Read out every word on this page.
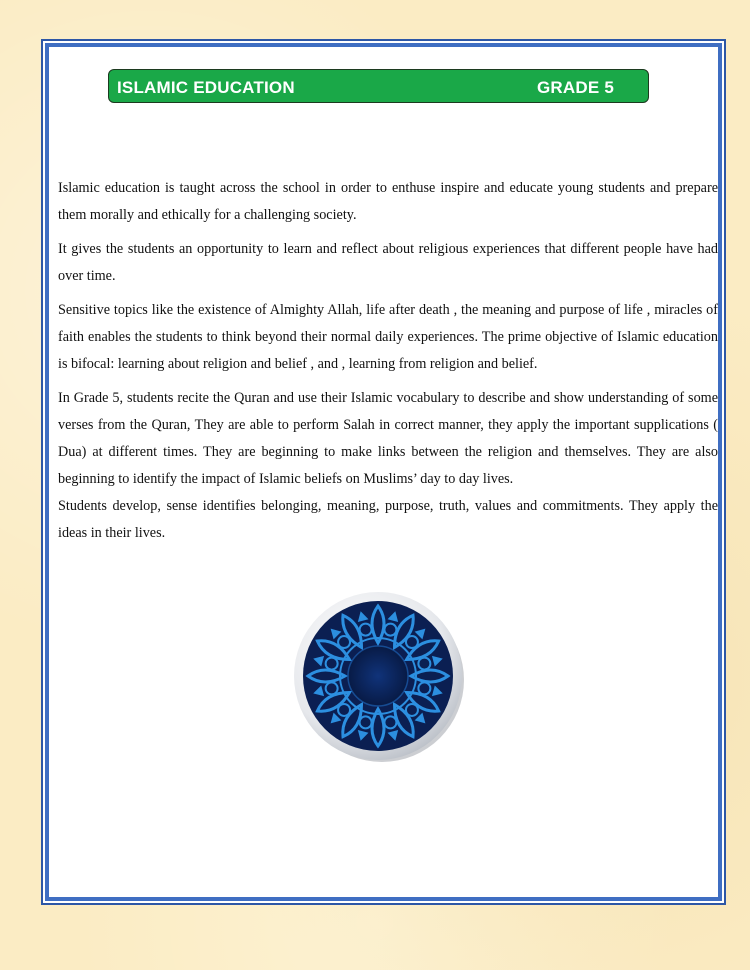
ISLAMIC EDUCATION	GRADE 5

Islamic education is taught across the school in order to enthuse inspire and educate young students and prepare them morally and ethically for a challenging society.

It gives the students an opportunity to learn and reflect about religious experiences that different people have had over time.

Sensitive topics like the existence of Almighty Allah, life after death , the meaning and purpose of life , miracles of faith enables the students to think beyond their normal daily experiences. The prime objective of Islamic education is bifocal: learning about religion and belief , and , learning from religion and belief.

In Grade 5, students recite the Quran and use their Islamic vocabulary to describe and show understanding of some verses from the Quran, They are able to perform Salah in correct manner, they apply the important supplications ( Dua) at different times. They are beginning to make links between the religion and themselves. They are also beginning to identify the impact of Islamic beliefs on Muslims’ day to day lives.

Students develop, sense identifies belonging, meaning, purpose, truth, values and commitments. They apply the ideas in their lives.
